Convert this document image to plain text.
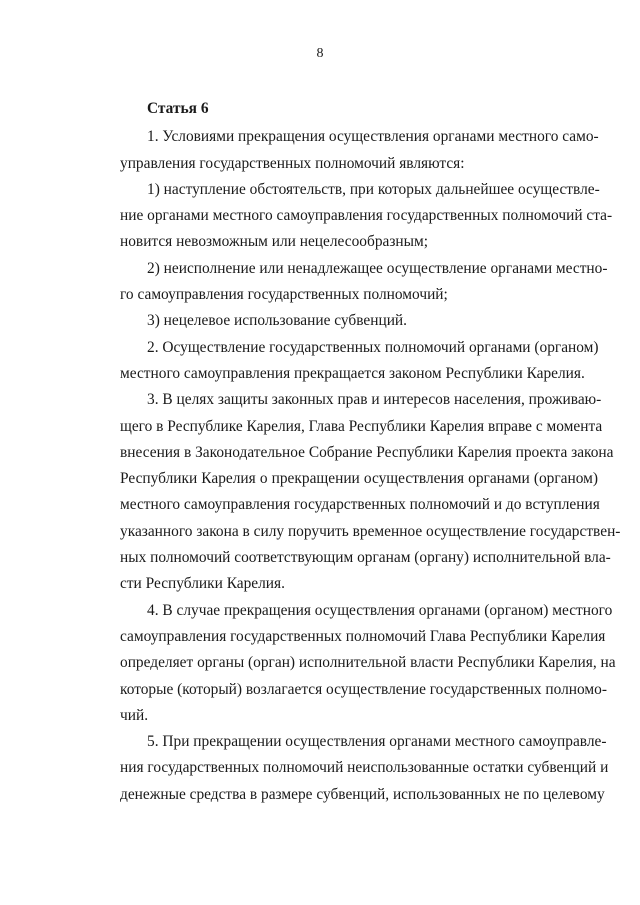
8
Статья 6
1. Условиями прекращения осуществления органами местного само-
управления государственных полномочий являются:
1) наступление обстоятельств, при которых дальнейшее осуществле-
ние органами местного самоуправления государственных полномочий ста-
новится невозможным или нецелесообразным;
2) неисполнение или ненадлежащее осуществление органами местно-
го самоуправления государственных полномочий;
3) нецелевое использование субвенций.
2. Осуществление государственных полномочий органами (органом)
местного самоуправления прекращается законом Республики Карелия.
3. В целях защиты законных прав и интересов населения, проживаю-
щего в Республике Карелия, Глава Республики Карелия вправе с момента
внесения в Законодательное Собрание Республики Карелия проекта закона
Республики Карелия о прекращении осуществления органами (органом)
местного самоуправления государственных полномочий и до вступления
указанного закона в силу поручить временное осуществление государствен-
ных полномочий соответствующим органам (органу) исполнительной вла-
сти Республики Карелия.
4. В случае прекращения осуществления органами (органом) местного
самоуправления государственных полномочий Глава Республики Карелия
определяет органы (орган) исполнительной власти Республики Карелия, на
которые (который) возлагается осуществление государственных полномо-
чий.
5. При прекращении осуществления органами местного самоуправле-
ния государственных полномочий неиспользованные остатки субвенций и
денежные средства в размере субвенций, использованных не по целевому
